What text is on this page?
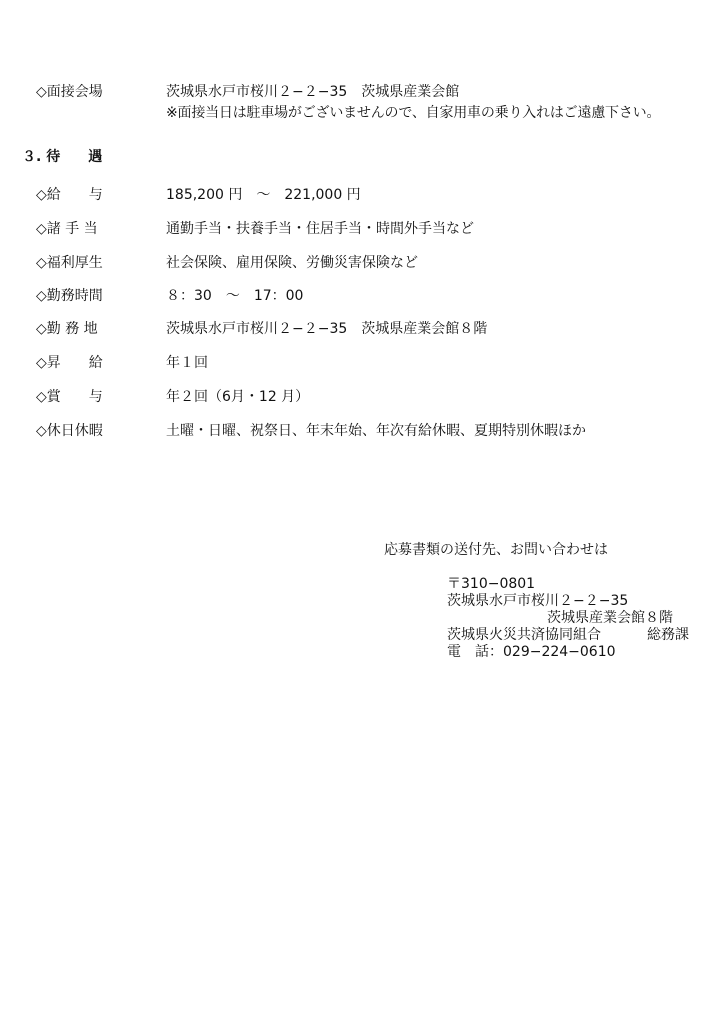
◇面接会場	茨城県水戸市桜川２−２−35　茨城県産業会館
※面接当日は駐車場がございませんので、自家用車の乗り入れはご遠慮下さい。
３. 待　　遇
◇給　　与	185,200 円　～　221,000 円
◇諸 手 当	通勤手当・扶養手当・住居手当・時間外手当など
◇福利厚生	社会保険、雇用保険、労働災害保険など
◇勤務時間	８：30　～　17：00
◇勤 務 地	茨城県水戸市桜川２−２−35　茨城県産業会館８階
◇昇　　給	年１回
◇賞　　与	年２回（6月・12 月）
◇休日休暇	土曜・日曜、祝祭日、年末年始、年次有給休暇、夏期特別休暇ほか
応募書類の送付先、お問い合わせは
〒310−0801
茨城県水戸市桜川２−２−35
茨城県産業会館８階
茨城県火災共済協同組合	総務課
電　話：029−224−0610
